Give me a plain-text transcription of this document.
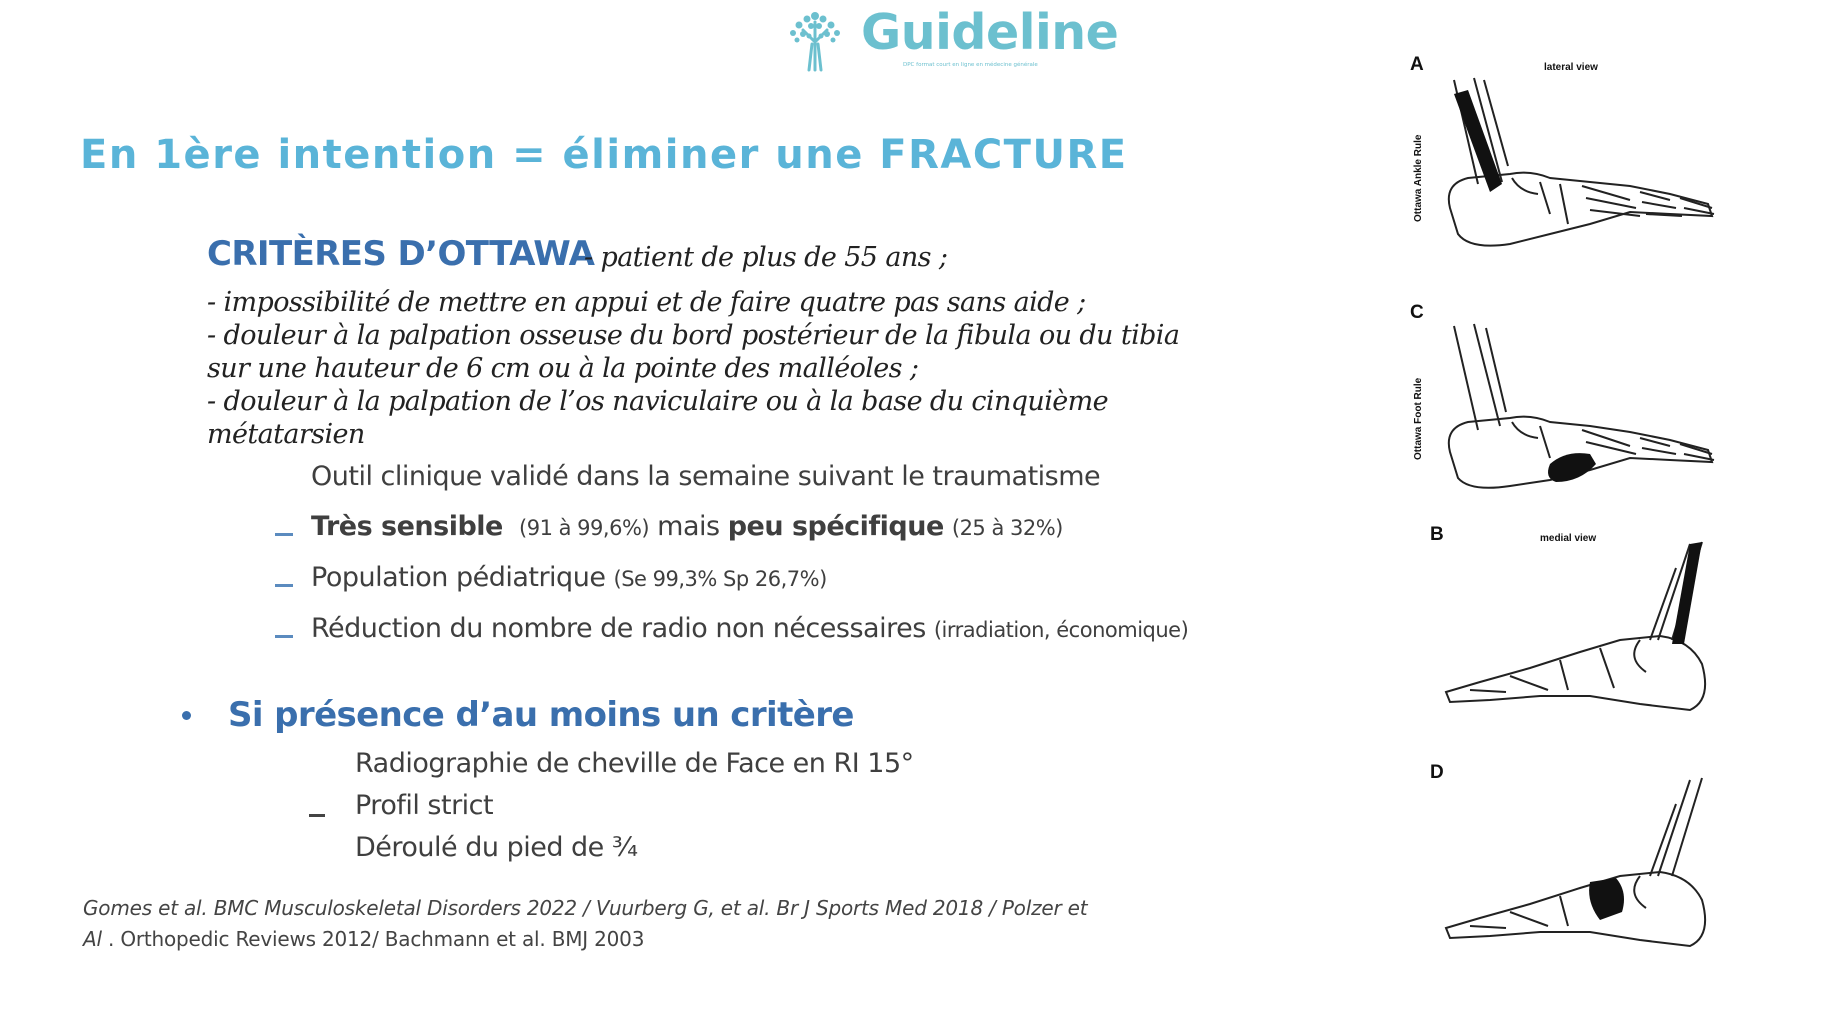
Guideline
DPC format court en ligne en médecine générale
En 1ère intention = éliminer une FRACTURE
CRITÈRES D’OTTAWA
- patient de plus de 55 ans ;
- impossibilité de mettre en appui et de faire quatre pas sans aide ;
- douleur à la palpation osseuse du bord postérieur de la fibula ou du tibia
sur une hauteur de 6 cm ou à la pointe des malléoles ;
- douleur à la palpation de l’os naviculaire ou à la base du cinquième
métatarsien
Outil clinique validé dans la semaine suivant le traumatisme
Très sensible (91 à 99,6%) mais peu spécifique (25 à 32%)
Population pédiatrique (Se 99,3% Sp 26,7%)
Réduction du nombre de radio non nécessaires (irradiation, économique)
Si présence d’au moins un critère
Radiographie de cheville de Face en RI 15°
Profil strict
Déroulé du pied de ¾
Gomes et al. BMC Musculoskeletal Disorders 2022 / Vuurberg G, et al. Br J Sports Med 2018 / Polzer et
Al . Orthopedic Reviews 2012/ Bachmann et al. BMJ 2003
A	lateral view
Ottawa Ankle Rule
C
Ottawa Foot Rule
B	medial view
D
